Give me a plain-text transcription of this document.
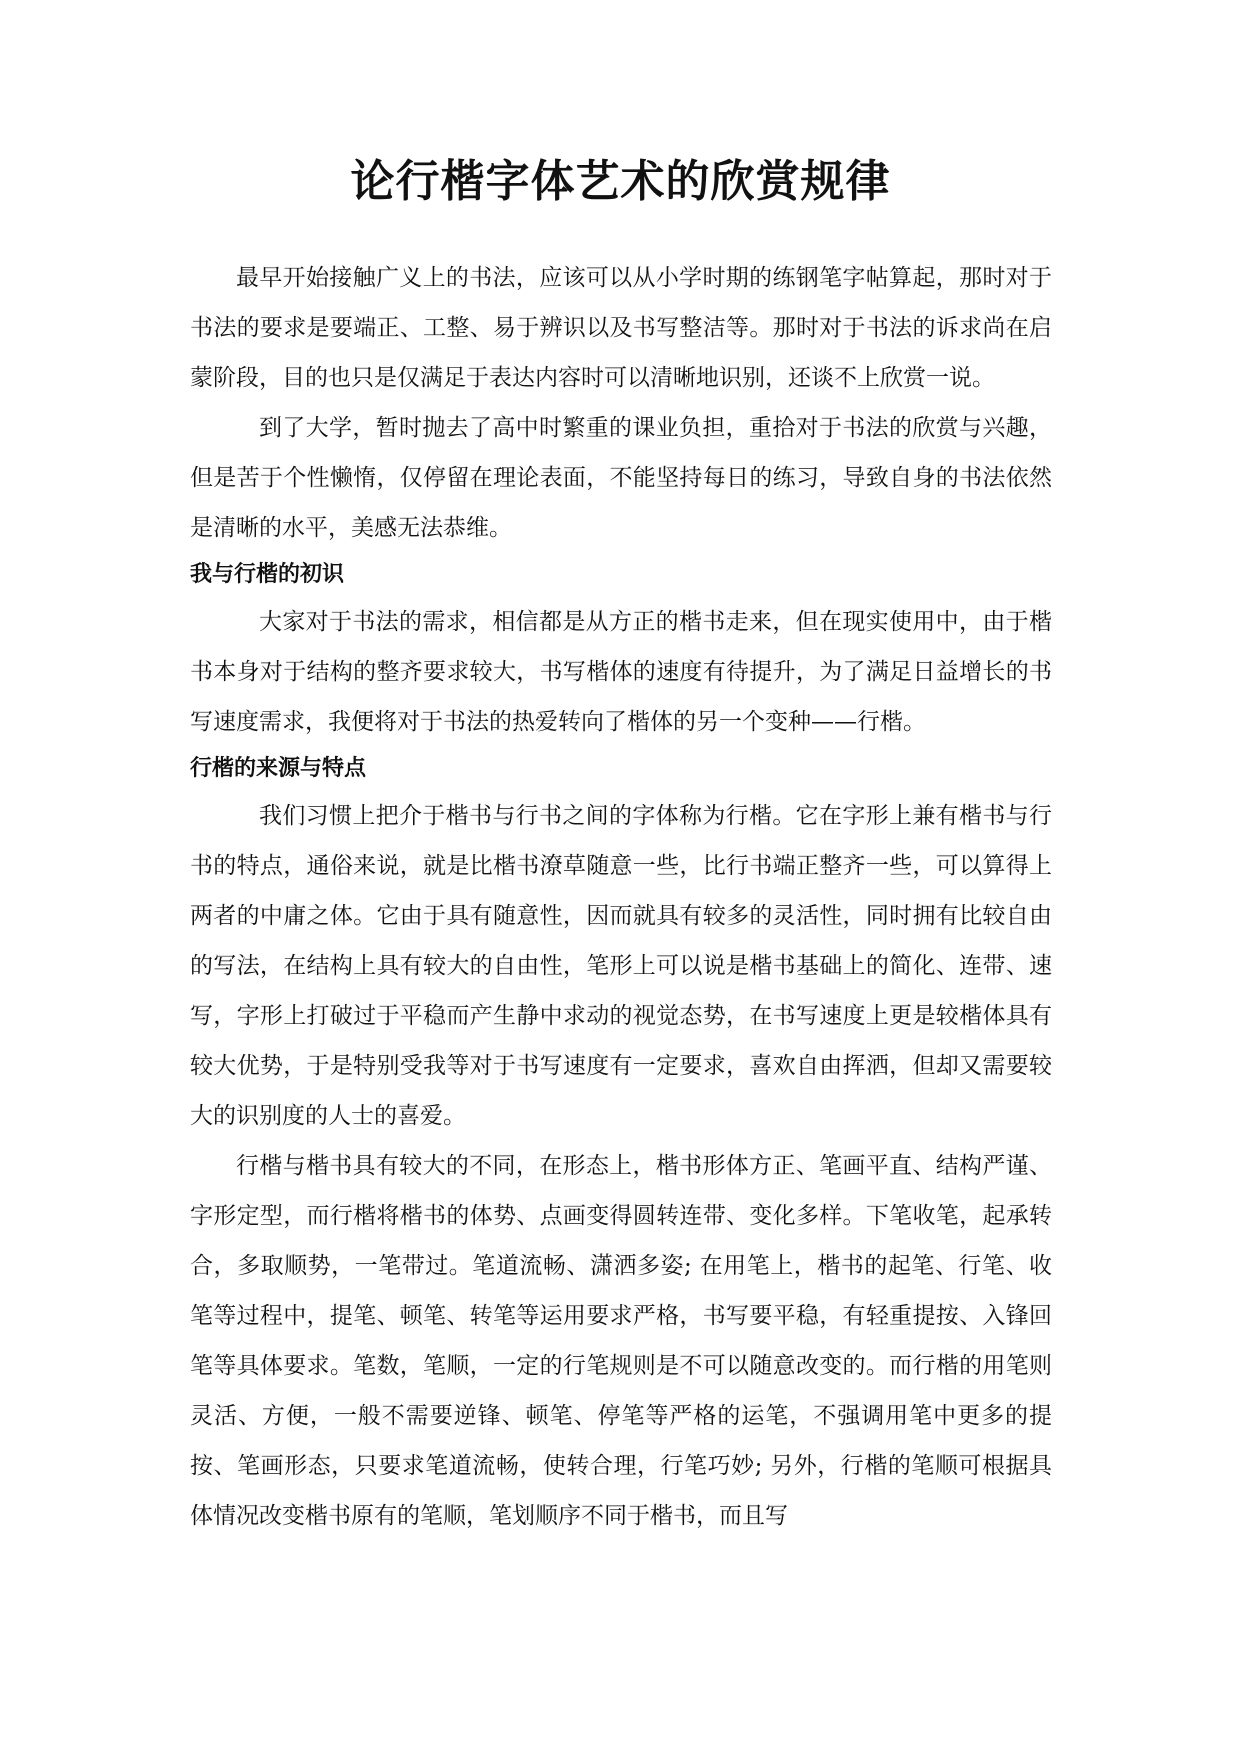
论行楷字体艺术的欣赏规律

最早开始接触广义上的书法，应该可以从小学时期的练钢笔字帖算起，那时对于书法的要求是要端正、工整、易于辨识以及书写整洁等。那时对于书法的诉求尚在启蒙阶段，目的也只是仅满足于表达内容时可以清晰地识别，还谈不上欣赏一说。

到了大学，暂时抛去了高中时繁重的课业负担，重拾对于书法的欣赏与兴趣，但是苦于个性懒惰，仅停留在理论表面，不能坚持每日的练习，导致自身的书法依然是清晰的水平，美感无法恭维。

我与行楷的初识

大家对于书法的需求，相信都是从方正的楷书走来，但在现实使用中，由于楷书本身对于结构的整齐要求较大，书写楷体的速度有待提升，为了满足日益增长的书写速度需求，我便将对于书法的热爱转向了楷体的另一个变种——行楷。

行楷的来源与特点

我们习惯上把介于楷书与行书之间的字体称为行楷。它在字形上兼有楷书与行书的特点，通俗来说，就是比楷书潦草随意一些，比行书端正整齐一些，可以算得上两者的中庸之体。它由于具有随意性，因而就具有较多的灵活性，同时拥有比较自由的写法，在结构上具有较大的自由性，笔形上可以说是楷书基础上的简化、连带、速写，字形上打破过于平稳而产生静中求动的视觉态势，在书写速度上更是较楷体具有较大优势，于是特别受我等对于书写速度有一定要求，喜欢自由挥洒，但却又需要较大的识别度的人士的喜爱。

行楷与楷书具有较大的不同，在形态上，楷书形体方正、笔画平直、结构严谨、字形定型，而行楷将楷书的体势、点画变得圆转连带、变化多样。下笔收笔，起承转合，多取顺势，一笔带过。笔道流畅、潇洒多姿; 在用笔上，楷书的起笔、行笔、收笔等过程中，提笔、顿笔、转笔等运用要求严格，书写要平稳，有轻重提按、入锋回笔等具体要求。笔数，笔顺，一定的行笔规则是不可以随意改变的。而行楷的用笔则灵活、方便，一般不需要逆锋、顿笔、停笔等严格的运笔，不强调用笔中更多的提按、笔画形态，只要求笔道流畅，使转合理，行笔巧妙; 另外，行楷的笔顺可根据具体情况改变楷书原有的笔顺，笔划顺序不同于楷书，而且写
